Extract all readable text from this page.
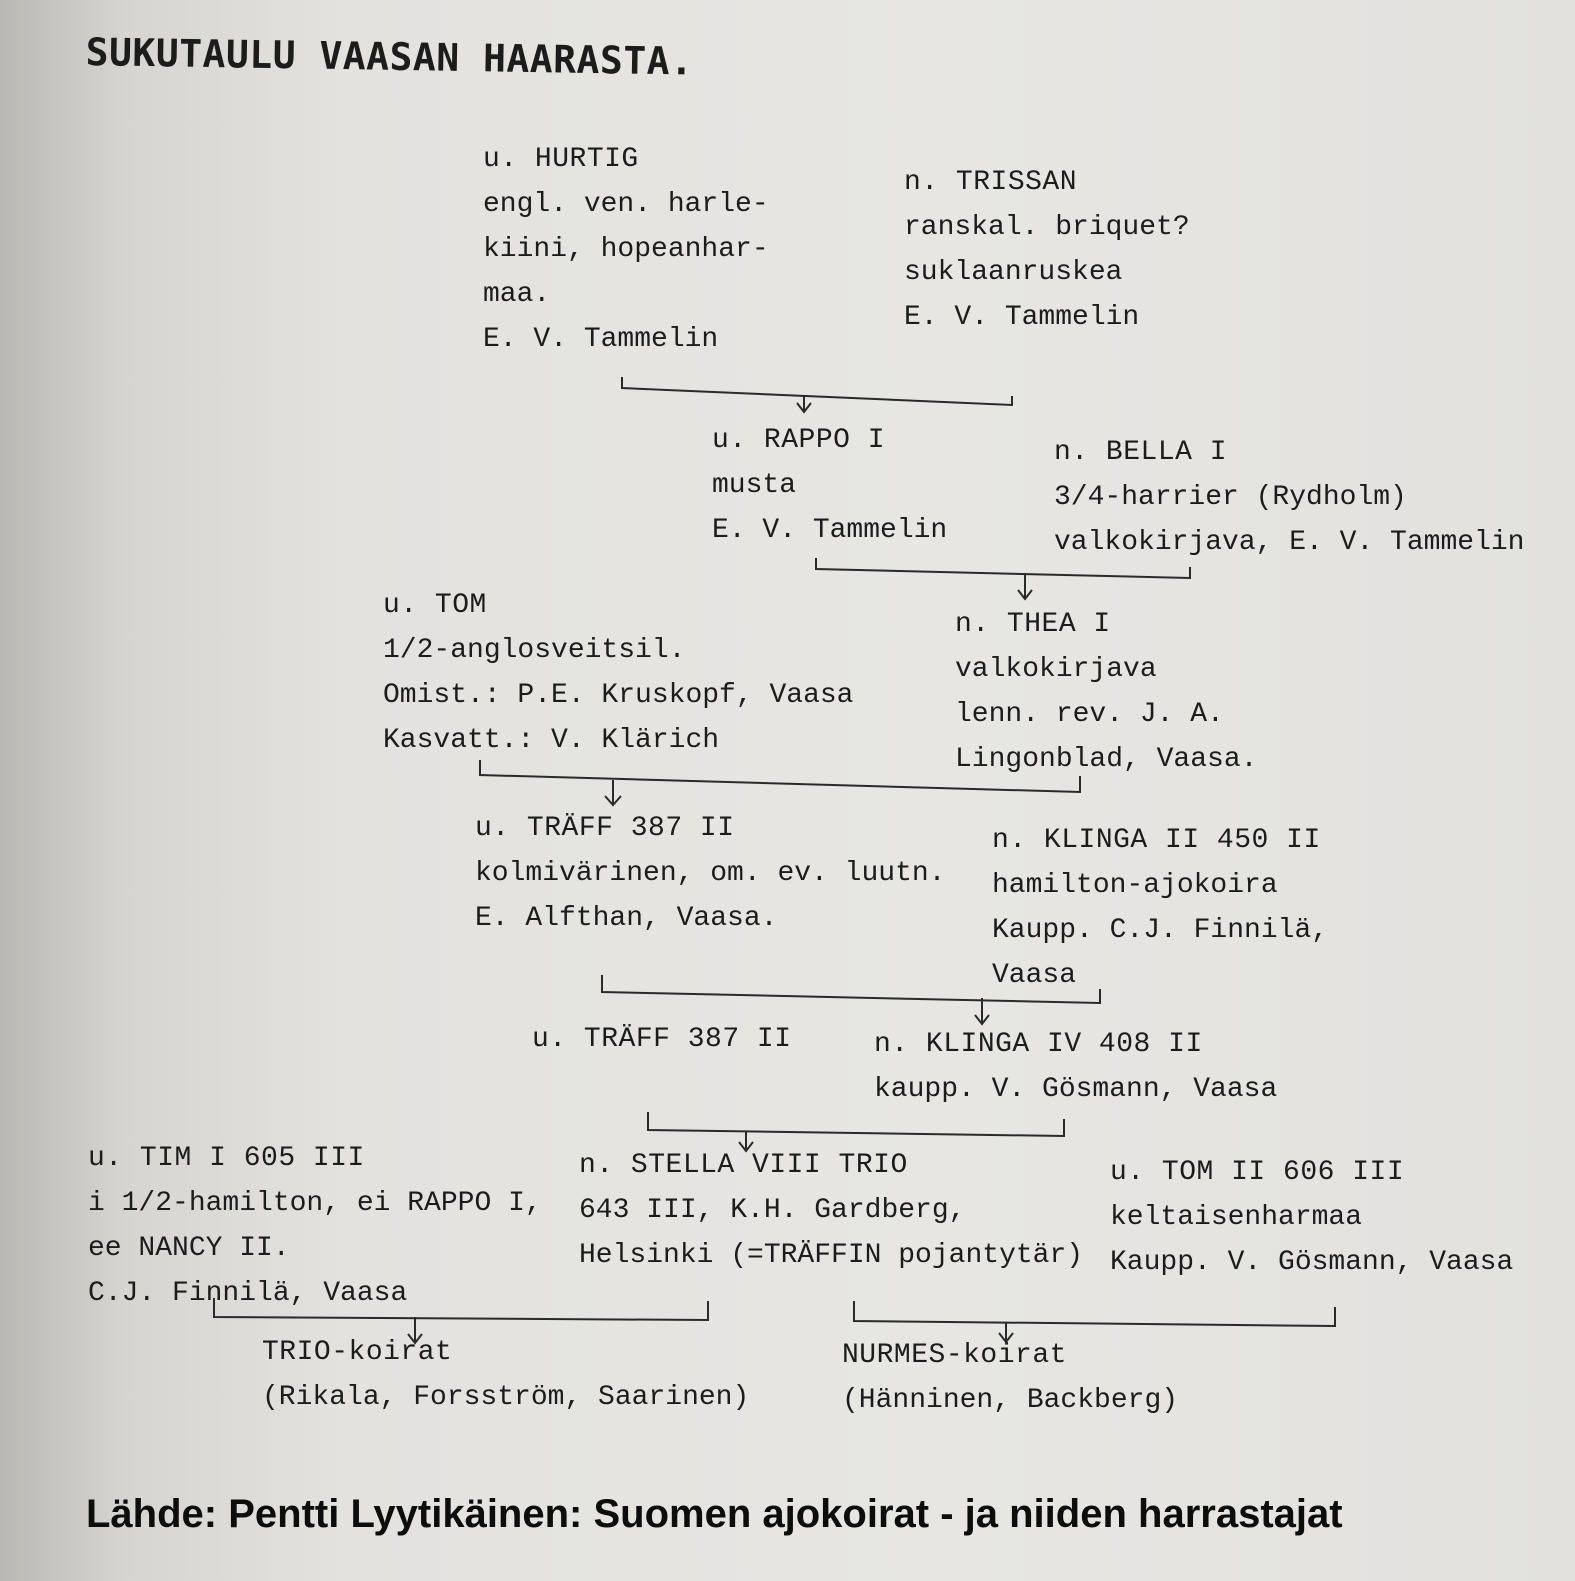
SUKUTAULU VAASAN HAARASTA.
u. HURTIG
engl. ven. harle-
kiini, hopeanhar-
maa.
E. V. Tammelin
n. TRISSAN
ranskal. briquet?
suklaanruskea
E. V. Tammelin
u. RAPPO I
musta
E. V. Tammelin
n. BELLA I
3/4-harrier (Rydholm)
valkokirjava, E. V. Tammelin
u. TOM
1/2-anglosveitsil.
Omist.: P.E. Kruskopf, Vaasa
Kasvatt.: V. Klärich
n. THEA I
valkokirjava
lenn. rev. J. A.
Lingonblad, Vaasa.
u. TRÄFF 387 II
kolmivärinen, om. ev. luutn.
E. Alfthan, Vaasa.
n. KLINGA II 450 II
hamilton-ajokoira
Kaupp. C.J. Finnilä,
Vaasa
u. TRÄFF 387 II	n. KLINGA IV 408 II
kaupp. V. Gösmann, Vaasa
u. TIM I 605 III
i 1/2-hamilton, ei RAPPO I,
ee NANCY II.
C.J. Finnilä, Vaasa
n. STELLA VIII TRIO
643 III, K.H. Gardberg,
Helsinki (=TRÄFFIN pojantytär)
u. TOM II 606 III
keltaisenharmaa
Kaupp. V. Gösmann, Vaasa
TRIO-koirat
(Rikala, Forsström, Saarinen)
NURMES-koirat
(Hänninen, Backberg)
Lähde: Pentti Lyytikäinen: Suomen ajokoirat - ja niiden harrastajat
